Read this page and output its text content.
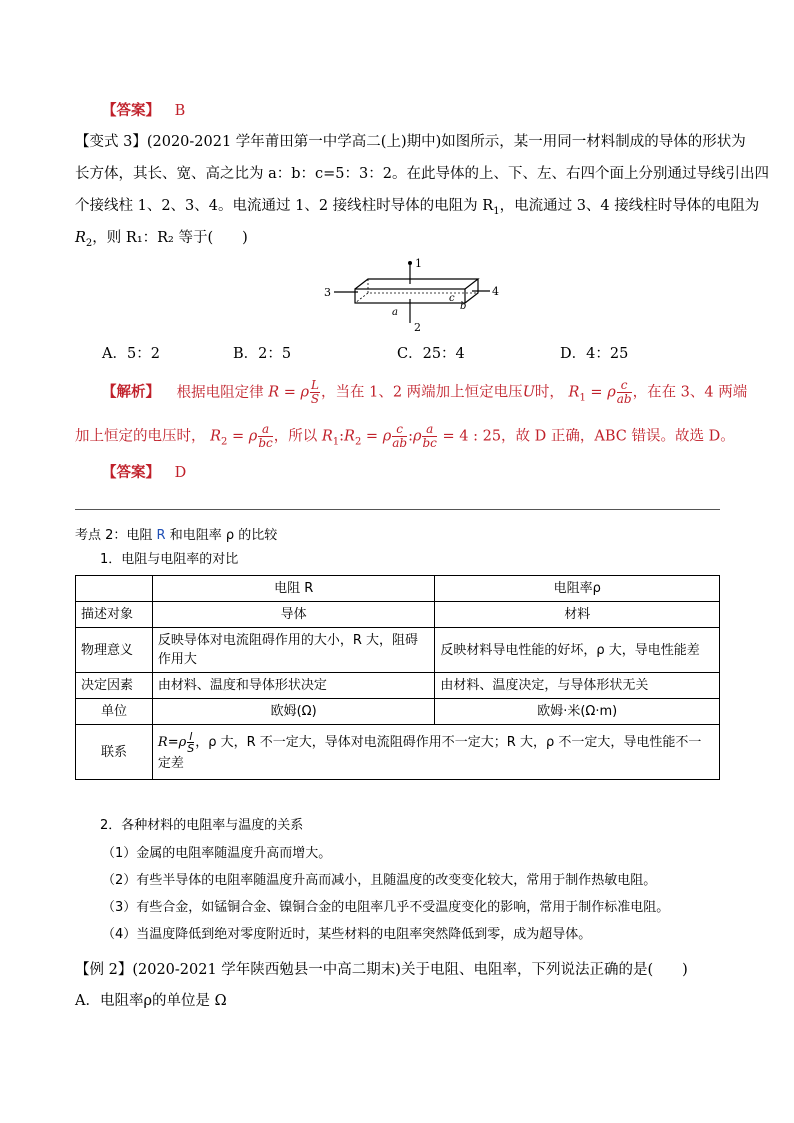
【答案】 B
【变式 3】(2020-2021 学年莆田第一中学高二(上)期中)如图所示，某一用同一材料制成的导体的形状为
长方体，其长、宽、高之比为 a：b：c=5：3：2。在此导体的上、下、左、右四个面上分别通过导线引出四
个接线柱 1、2、3、4。电流通过 1、2 接线柱时导体的电阻为 $R_1$，电流通过 3、4 接线柱时导体的电阻为
$R_2$，则 R₁：R₂ 等于(　　)
1
2
3	4
a
b
c
A．5：2	B．2：5	C．25：4	D．4：25
【解析】 根据电阻定律 R = ρ $\frac{L}{S}$ ，当在 1、2 两端加上恒定电压U时， $R_1 = \rho \frac{c}{ab}$ ，在在 3、4 两端
加上恒定的电压时， $R_2 = \rho \frac{a}{bc}$ ，所以 $R_1:R_2 = \rho \frac{c}{ab}$ :ρ $\frac{a}{bc} = 4$ : 25，故 D 正确，ABC 错误。故选 D。
【答案】 D
考点 2：电阻 R 和电阻率 ρ 的比较
1．电阻与电阻率的对比
	电阻 R	电阻率ρ
描述对象	导体	材料
物理意义	反映导体对电流阻碍作用的大小，R 大，阻碍作用大	反映材料导电性能的好坏，ρ 大，导电性能差
决定因素	由材料、温度和导体形状决定	由材料、温度决定，与导体形状无关
单位	欧姆(Ω)	欧姆·米(Ω·m)
联系	$R=\rho \frac{l}{S}$ ，ρ 大，R 不一定大，导体对电流阻碍作用不一定大；R 大，ρ 不一定大，导电性能不一定差	
2．各种材料的电阻率与温度的关系
（1）金属的电阻率随温度升高而增大。
（2）有些半导体的电阻率随温度升高而减小，且随温度的改变变化较大，常用于制作热敏电阻。
（3）有些合金，如锰铜合金、镍铜合金的电阻率几乎不受温度变化的影响，常用于制作标准电阻。
（4）当温度降低到绝对零度附近时，某些材料的电阻率突然降低到零，成为超导体。
【例 2】(2020-2021 学年陕西勉县一中高二期末)关于电阻、电阻率，下列说法正确的是(　　)
A．电阻率ρ的单位是 Ω
